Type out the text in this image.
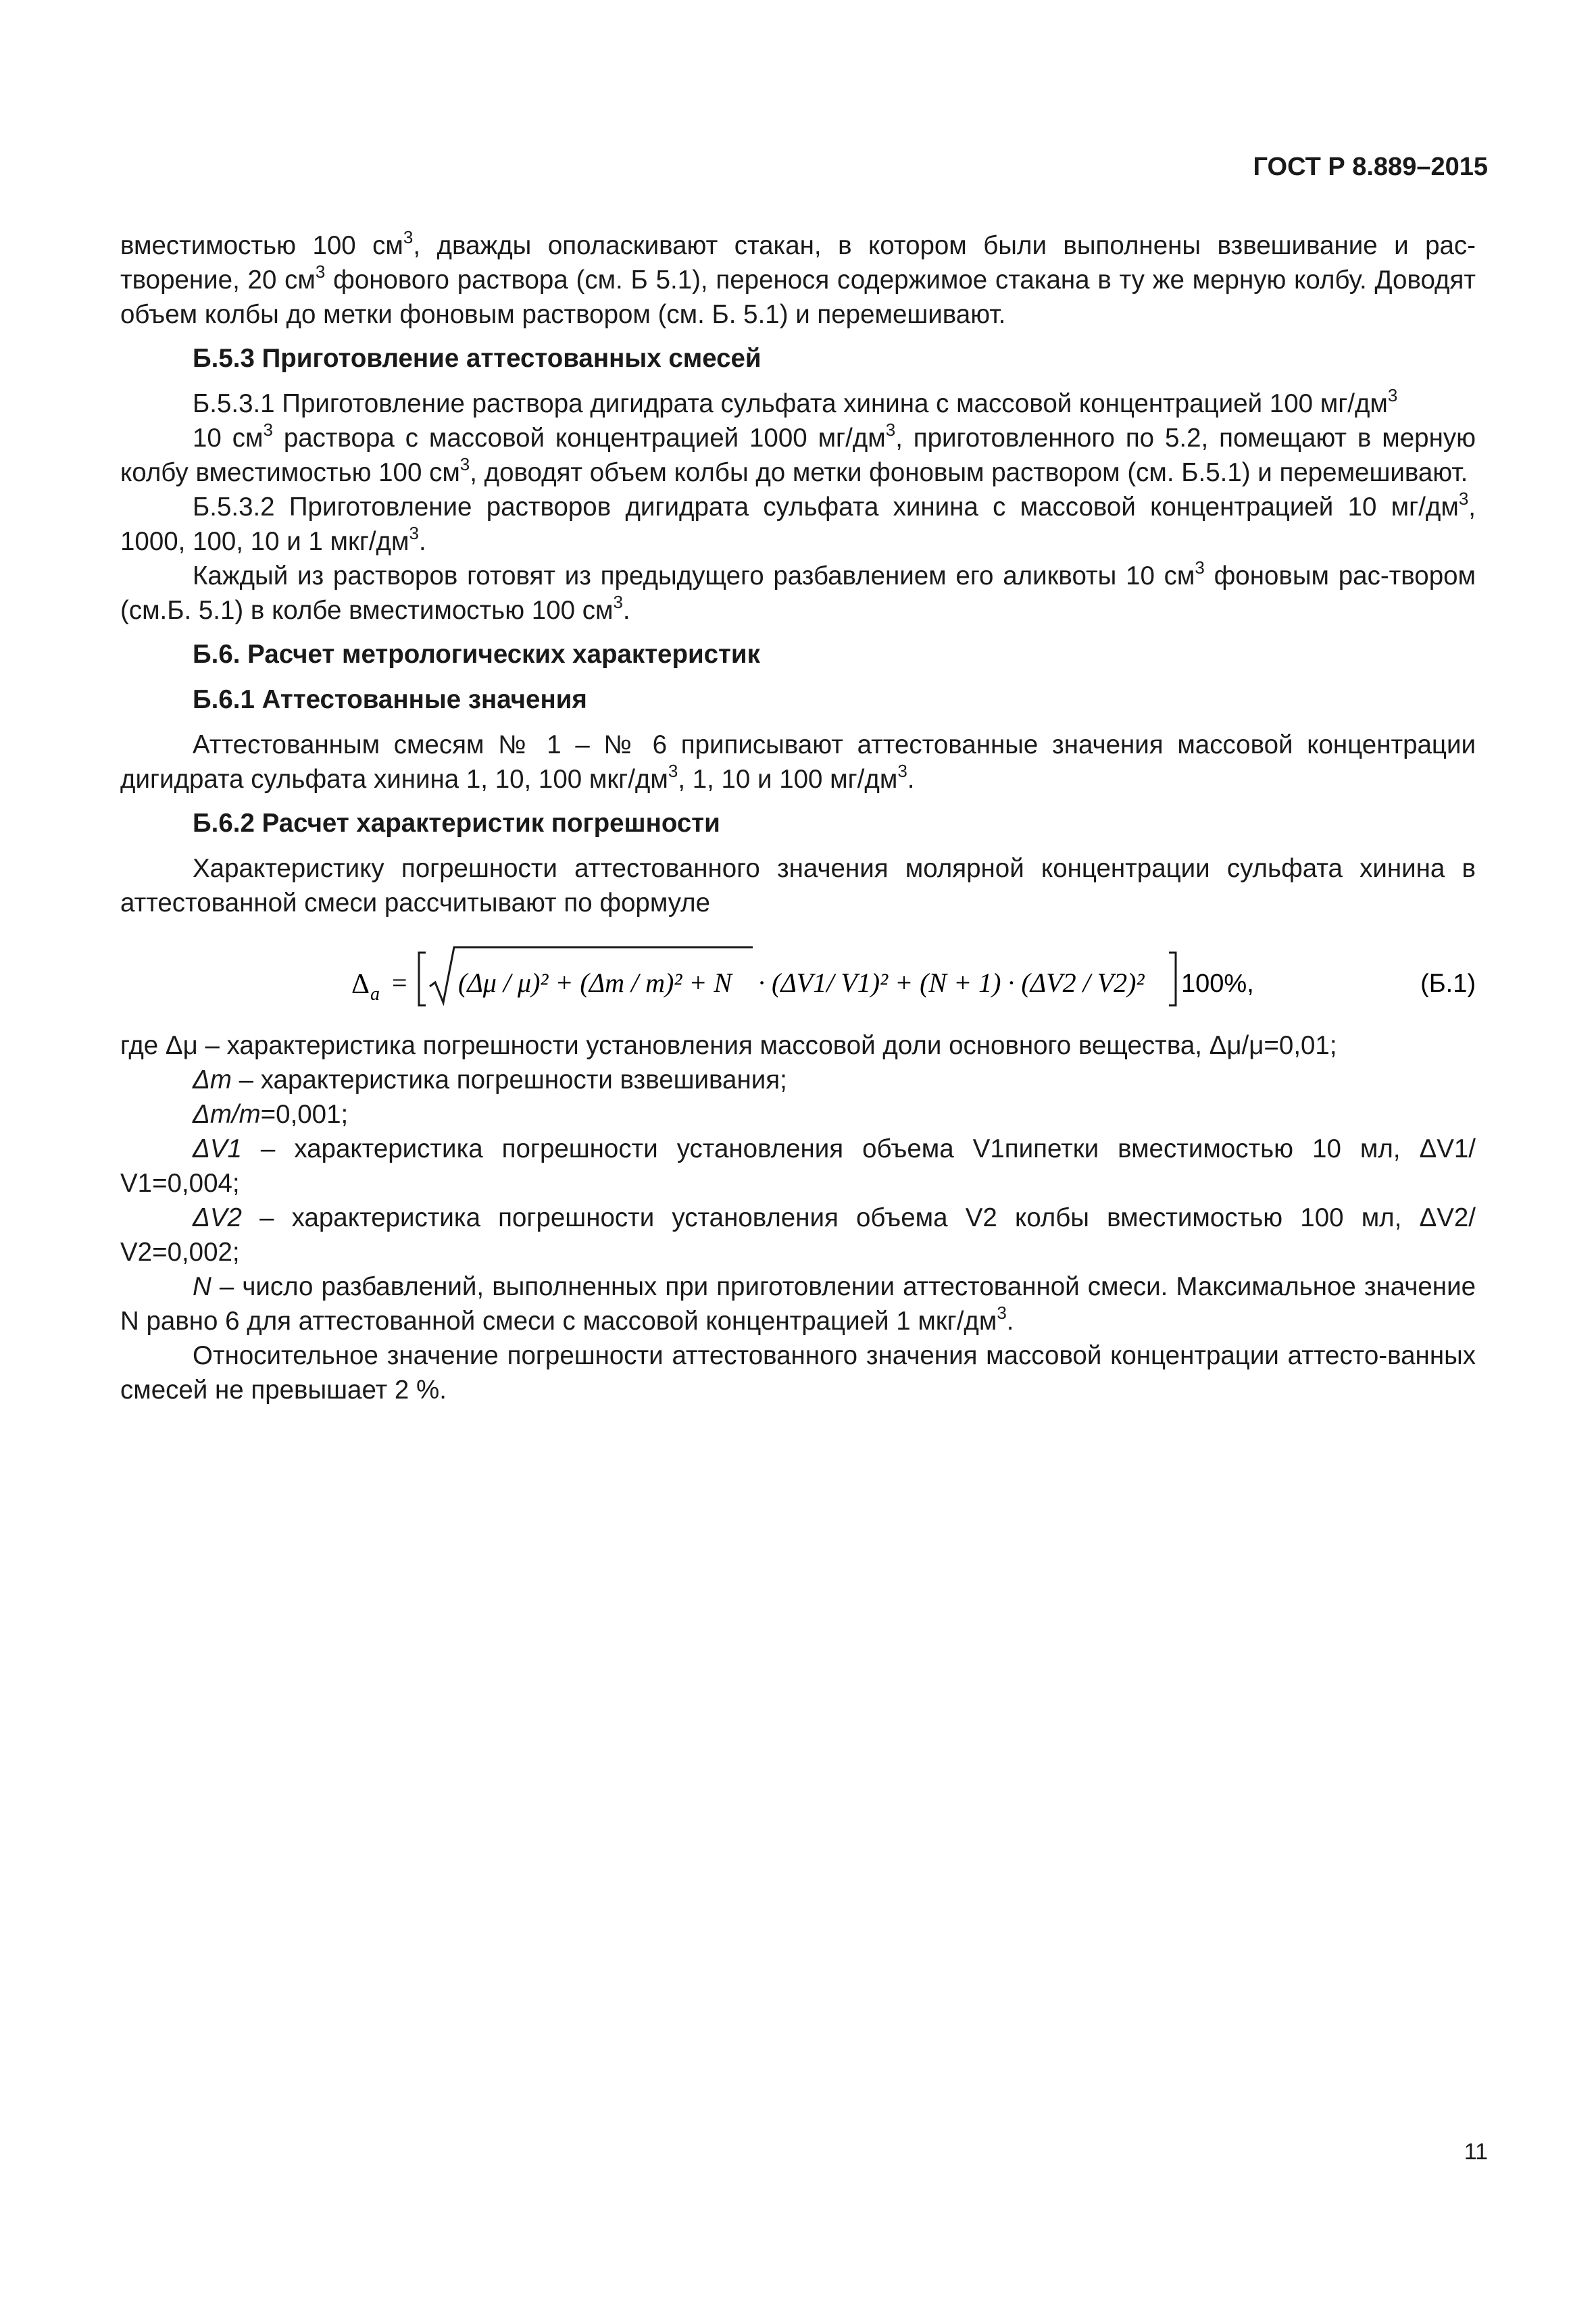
ГОСТ Р 8.889–2015

вместимостью 100 $см^3$, дважды ополаскивают стакан, в котором были выполнены взвешивание и рас-творение, 20 $см^3$ фонового раствора (см. Б 5.1), перенося содержимое стакана в ту же мерную колбу. Доводят объем колбы до метки фоновым раствором (см. Б. 5.1) и перемешивают.

Б.5.3 Приготовление аттестованных смесей

Б.5.3.1 Приготовление раствора дигидрата сульфата хинина с массовой концентрацией 100 $мг/дм^3$

10 $см^3$ раствора с массовой концентрацией 1000 $мг/дм^3$, приготовленного по 5.2, помещают в мерную колбу вместимостью 100 $см^3$, доводят объем колбы до метки фоновым раствором (см. Б.5.1) и перемешивают.

Б.5.3.2 Приготовление растворов дигидрата сульфата хинина с массовой концентрацией 10 $мг/дм^3$, 1000, 100, 10 и 1 мкг/$дм^3$.

Каждый из растворов готовят из предыдущего разбавлением его аликвоты 10 $см^3$ фоновым рас-твором (см.Б. 5.1) в колбе вместимостью 100 $см^3$.

Б.6. Расчет метрологических характеристик

Б.6.1 Аттестованные значения

Аттестованным смесям № 1 – № 6 приписывают аттестованные значения массовой концентрации дигидрата сульфата хинина 1, 10, 100 мкг/$дм^3$, 1, 10 и 100 $мг/дм^3$.

Б.6.2 Расчет характеристик погрешности

Характеристику погрешности аттестованного значения молярной концентрации сульфата хинина в аттестованной смеси рассчитывают по формуле

Δ a = (Δμ / μ)² + (Δm / m)² + N · (ΔV1/ V1)² + (N + 1) · (ΔV2 / V2)² 100%,	(Б.1)

где Δμ – характеристика погрешности установления массовой доли основного вещества, Δμ/μ=0,01;

Δm – характеристика погрешности взвешивания;

Δm/m=0,001;

ΔV1 – характеристика погрешности установления объема V1пипетки вместимостью 10 мл, ΔV1/ V1=0,004;

ΔV2 – характеристика погрешности установления объема V2 колбы вместимостью 100 мл, ΔV2/ V2=0,002;

N – число разбавлений, выполненных при приготовлении аттестованной смеси. Максимальное значение N равно 6 для аттестованной смеси с массовой концентрацией 1 мкг/$дм^3$.

Относительное значение погрешности аттестованного значения массовой концентрации аттесто-ванных смесей не превышает 2 %.

11
